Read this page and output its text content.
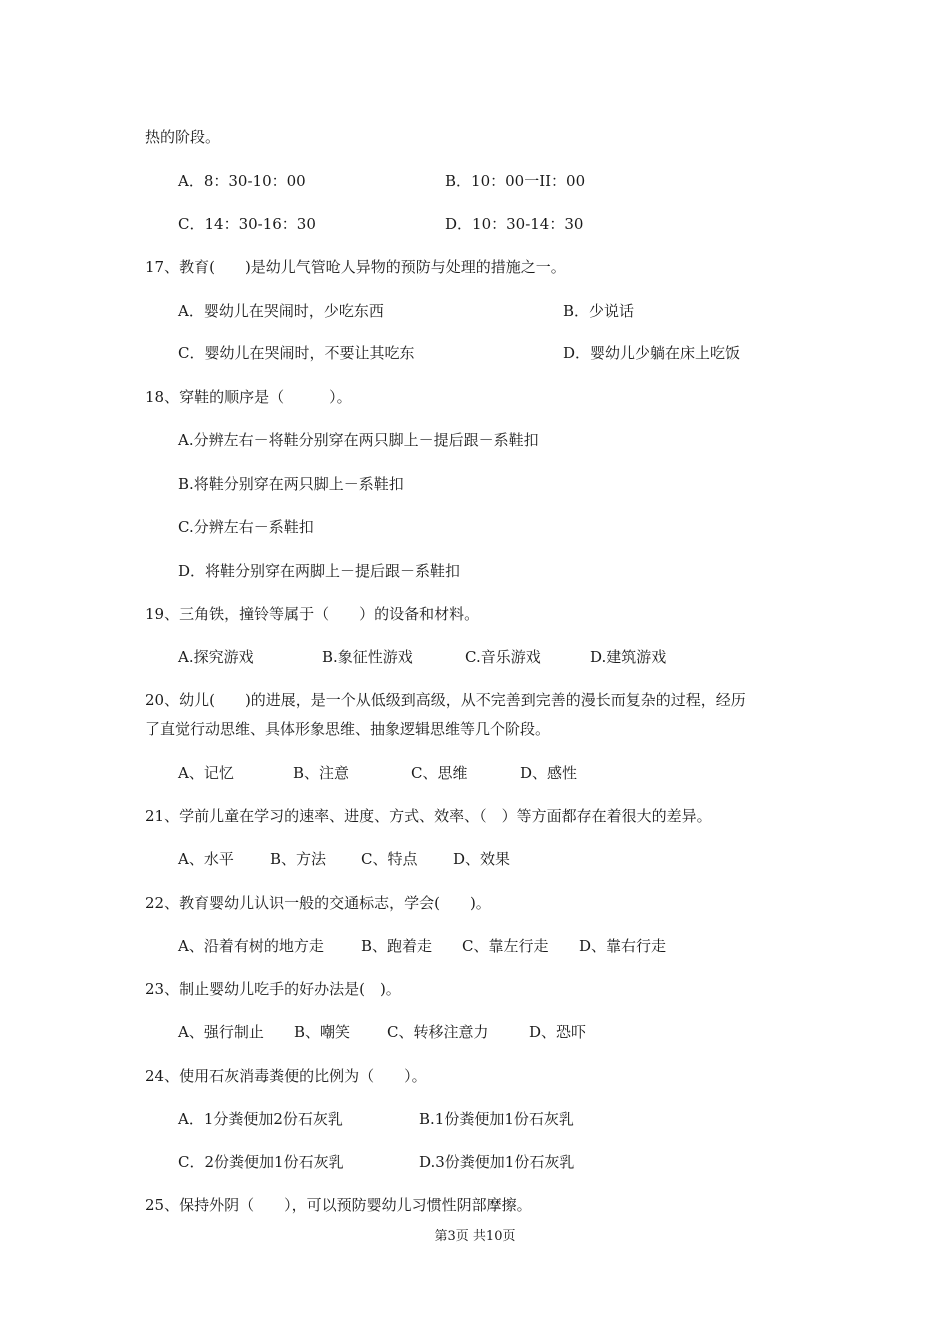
热的阶段。
A．8：30-10：00	B．10：00一II：00
C．14：30-16：30	D．10：30-14：30
17、教育(　　)是幼儿气管呛人异物的预防与处理的措施之一。
A．婴幼儿在哭闹时，少吃东西	B．少说话
C．婴幼儿在哭闹时，不要让其吃东	D．婴幼儿少躺在床上吃饭
18、穿鞋的顺序是（　　　）。
A.分辨左右－将鞋分别穿在两只脚上－提后跟－系鞋扣
B.将鞋分别穿在两只脚上－系鞋扣
C.分辨左右－系鞋扣
D．将鞋分别穿在两脚上－提后跟－系鞋扣
19、三角铁，撞铃等属于（　　）的设备和材料。
A.探究游戏	B.象征性游戏	C.音乐游戏	D.建筑游戏
20、幼儿(　　)的进展，是一个从低级到高级，从不完善到完善的漫长而复杂的过程，经历
了直觉行动思维、具体形象思维、抽象逻辑思维等几个阶段。
A、记忆	B、注意	C、思维	D、感性
21、学前儿童在学习的速率、进度、方式、效率、（　）等方面都存在着很大的差异。
A、水平 B、方法 C、特点 D、效果
22、教育婴幼儿认识一般的交通标志，学会(　　)。
A、沿着有树的地方走 B、跑着走 C、靠左行走 D、靠右行走
23、制止婴幼儿吃手的好办法是(　)。
A、强行制止 B、嘲笑 C、转移注意力	D、恐吓
24、使用石灰消毒粪便的比例为（　　）。
A．1分粪便加2份石灰乳	B.1份粪便加1份石灰乳
C．2份粪便加1份石灰乳	D.3份粪便加1份石灰乳
25、保持外阴（　　），可以预防婴幼儿习惯性阴部摩擦。
第3页 共10页
